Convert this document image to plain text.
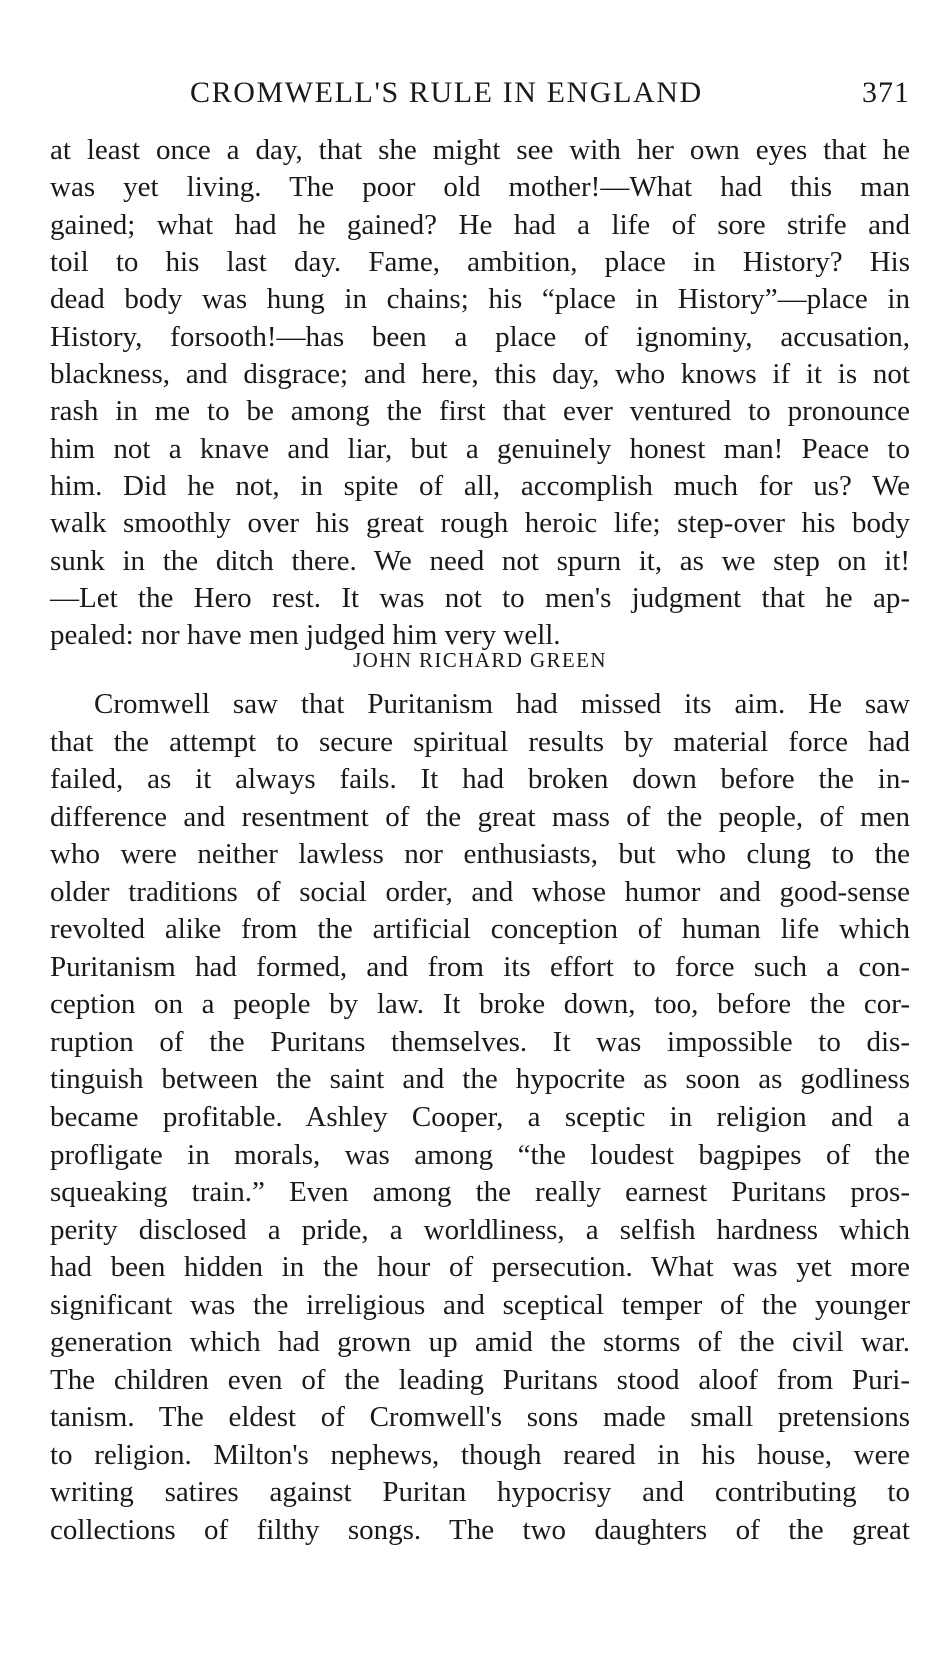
CROMWELL'S RULE IN ENGLAND	371
at least once a day, that she might see with her own eyes that he
was yet living. The poor old mother!—What had this man
gained; what had he gained? He had a life of sore strife and
toil to his last day. Fame, ambition, place in History? His
dead body was hung in chains; his “place in History”—place in
History, forsooth!—has been a place of ignominy, accusation,
blackness, and disgrace; and here, this day, who knows if it is not
rash in me to be among the first that ever ventured to pronounce
him not a knave and liar, but a genuinely honest man! Peace to
him. Did he not, in spite of all, accomplish much for us? We
walk smoothly over his great rough heroic life; step-over his body
sunk in the ditch there. We need not spurn it, as we step on it!
—Let the Hero rest. It was not to men's judgment that he ap-
pealed: nor have men judged him very well.
JOHN RICHARD GREEN
Cromwell saw that Puritanism had missed its aim. He saw
that the attempt to secure spiritual results by material force had
failed, as it always fails. It had broken down before the in-
difference and resentment of the great mass of the people, of men
who were neither lawless nor enthusiasts, but who clung to the
older traditions of social order, and whose humor and good-sense
revolted alike from the artificial conception of human life which
Puritanism had formed, and from its effort to force such a con-
ception on a people by law. It broke down, too, before the cor-
ruption of the Puritans themselves. It was impossible to dis-
tinguish between the saint and the hypocrite as soon as godliness
became profitable. Ashley Cooper, a sceptic in religion and a
profligate in morals, was among “the loudest bagpipes of the
squeaking train.” Even among the really earnest Puritans pros-
perity disclosed a pride, a worldliness, a selfish hardness which
had been hidden in the hour of persecution. What was yet more
significant was the irreligious and sceptical temper of the younger
generation which had grown up amid the storms of the civil war.
The children even of the leading Puritans stood aloof from Puri-
tanism. The eldest of Cromwell's sons made small pretensions
to religion. Milton's nephews, though reared in his house, were
writing satires against Puritan hypocrisy and contributing to
collections of filthy songs. The two daughters of the great
